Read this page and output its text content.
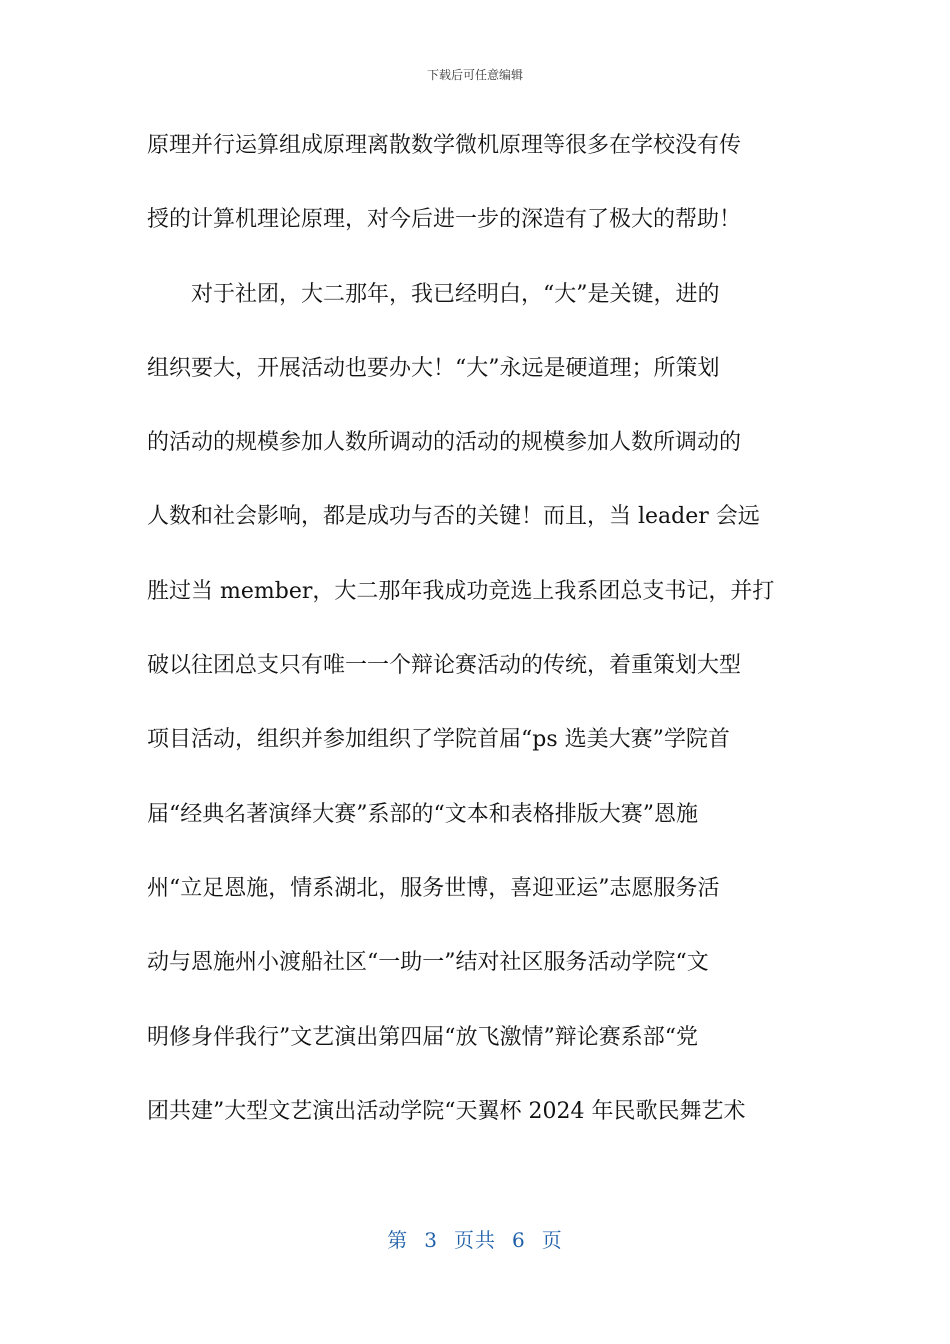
下载后可任意编辑
原理并行运算组成原理离散数学微机原理等很多在学校没有传
授的计算机理论原理，对今后进一步的深造有了极大的帮助！
对于社团，大二那年，我已经明白，“大”是关键，进的
组织要大，开展活动也要办大！“大”永远是硬道理；所策划
的活动的规模参加人数所调动的活动的规模参加人数所调动的
人数和社会影响，都是成功与否的关键！而且，当 leader 会远
胜过当 member，大二那年我成功竞选上我系团总支书记，并打
破以往团总支只有唯一一个辩论赛活动的传统，着重策划大型
项目活动，组织并参加组织了学院首届“ps 选美大赛”学院首
届“经典名著演绎大赛”系部的“文本和表格排版大赛”恩施
州“立足恩施，情系湖北，服务世博，喜迎亚运”志愿服务活
动与恩施州小渡船社区“一助一”结对社区服务活动学院“文
明修身伴我行”文艺演出第四届“放飞激情”辩论赛系部“党
团共建”大型文艺演出活动学院“天翼杯 2024 年民歌民舞艺术
第 3 页共 6 页
